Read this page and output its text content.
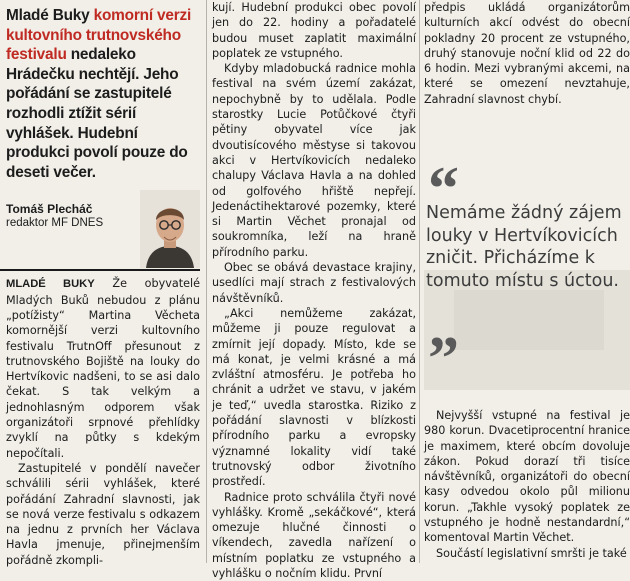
Mladé Buky komorní verzi kultovního trutnovského festivalu nedaleko Hrádečku nechtějí. Jeho pořádání se zastupitelé rozhodli ztížit sérií vyhlášek. Hudební produkci povolí pouze do deseti večer.
Tomáš Plecháč
redaktor MF DNES

MLADÉ BUKY Že obyvatelé Mladých Buků nebudou z plánu „potížisty“ Martina Věcheta komornější verzi kultovního festivalu TrutnOff přesunout z trutnovského Bojiště na louky do Hertvíkovic nadšeni, to se asi dalo čekat. S tak velkým a jednohlasným odporem však organizátoři srpnové přehlídky zvyklí na půtky s kdekým nepočítali.

Zastupitelé v pondělí navečer schválili sérii vyhlášek, které pořádání Zahradní slavnosti, jak se nová verze festivalu s odkazem na jednu z prvních her Václava Havla jmenuje, přinejmenším pořádně zkompli-

kují. Hudební produkci obec povolí jen do 22. hodiny a pořadatelé budou muset zaplatit maximální poplatek ze vstupného.

Kdyby mladobucká radnice mohla festival na svém území zakázat, nepochybně by to udělala. Podle starostky Lucie Potůčkové čtyři pětiny obyvatel více jak dvoutisícového městyse si takovou akci v Hertvíkovicích nedaleko chalupy Václava Havla a na dohled od golfového hřiště nepřejí. Jedenáctihektarové pozemky, které si Martin Věchet pronajal od soukromníka, leží na hraně přírodního parku.

Obec se obává devastace krajiny, usedlíci mají strach z festivalových návštěvníků.

„Akci nemůžeme zakázat, můžeme ji pouze regulovat a zmírnit její dopady. Místo, kde se má konat, je velmi krásné a má zvláštní atmosféru. Je potřeba ho chránit a udržet ve stavu, v jakém je teď,“ uvedla starostka. Riziko z pořádání slavnosti v blízkosti přírodního parku a evropsky významné lokality vidí také trutnovský odbor životního prostředí.

Radnice proto schválila čtyři nové vyhlášky. Kromě „sekáčkové“, která omezuje hlučné činnosti o víkendech, zavedla nařízení o místním poplatku ze vstupného a vyhlášku o nočním klidu. První

předpis ukládá organizátorům kulturních akcí odvést do obecní pokladny 20 procent ze vstupného, druhý stanovuje noční klid od 22 do 6 hodin. Mezi vybranými akcemi, na které se omezení nevztahuje, Zahradní slavnost chybí.

“
Nemáme žádný zájem louky v Hertvíkovicích zničit. Přicházíme k tomuto místu s úctou.
”

Nejvyšší vstupné na festival je 980 korun. Dvacetiprocentní hranice je maximem, které obcím dovoluje zákon. Pokud dorazí tři tisíce návštěvníků, organizátoři do obecní kasy odvedou okolo půl milionu korun. „Takhle vysoký poplatek ze vstupného je hodně nestandardní,“ komentoval Martin Věchet.

Součástí legislativní smršti je také
